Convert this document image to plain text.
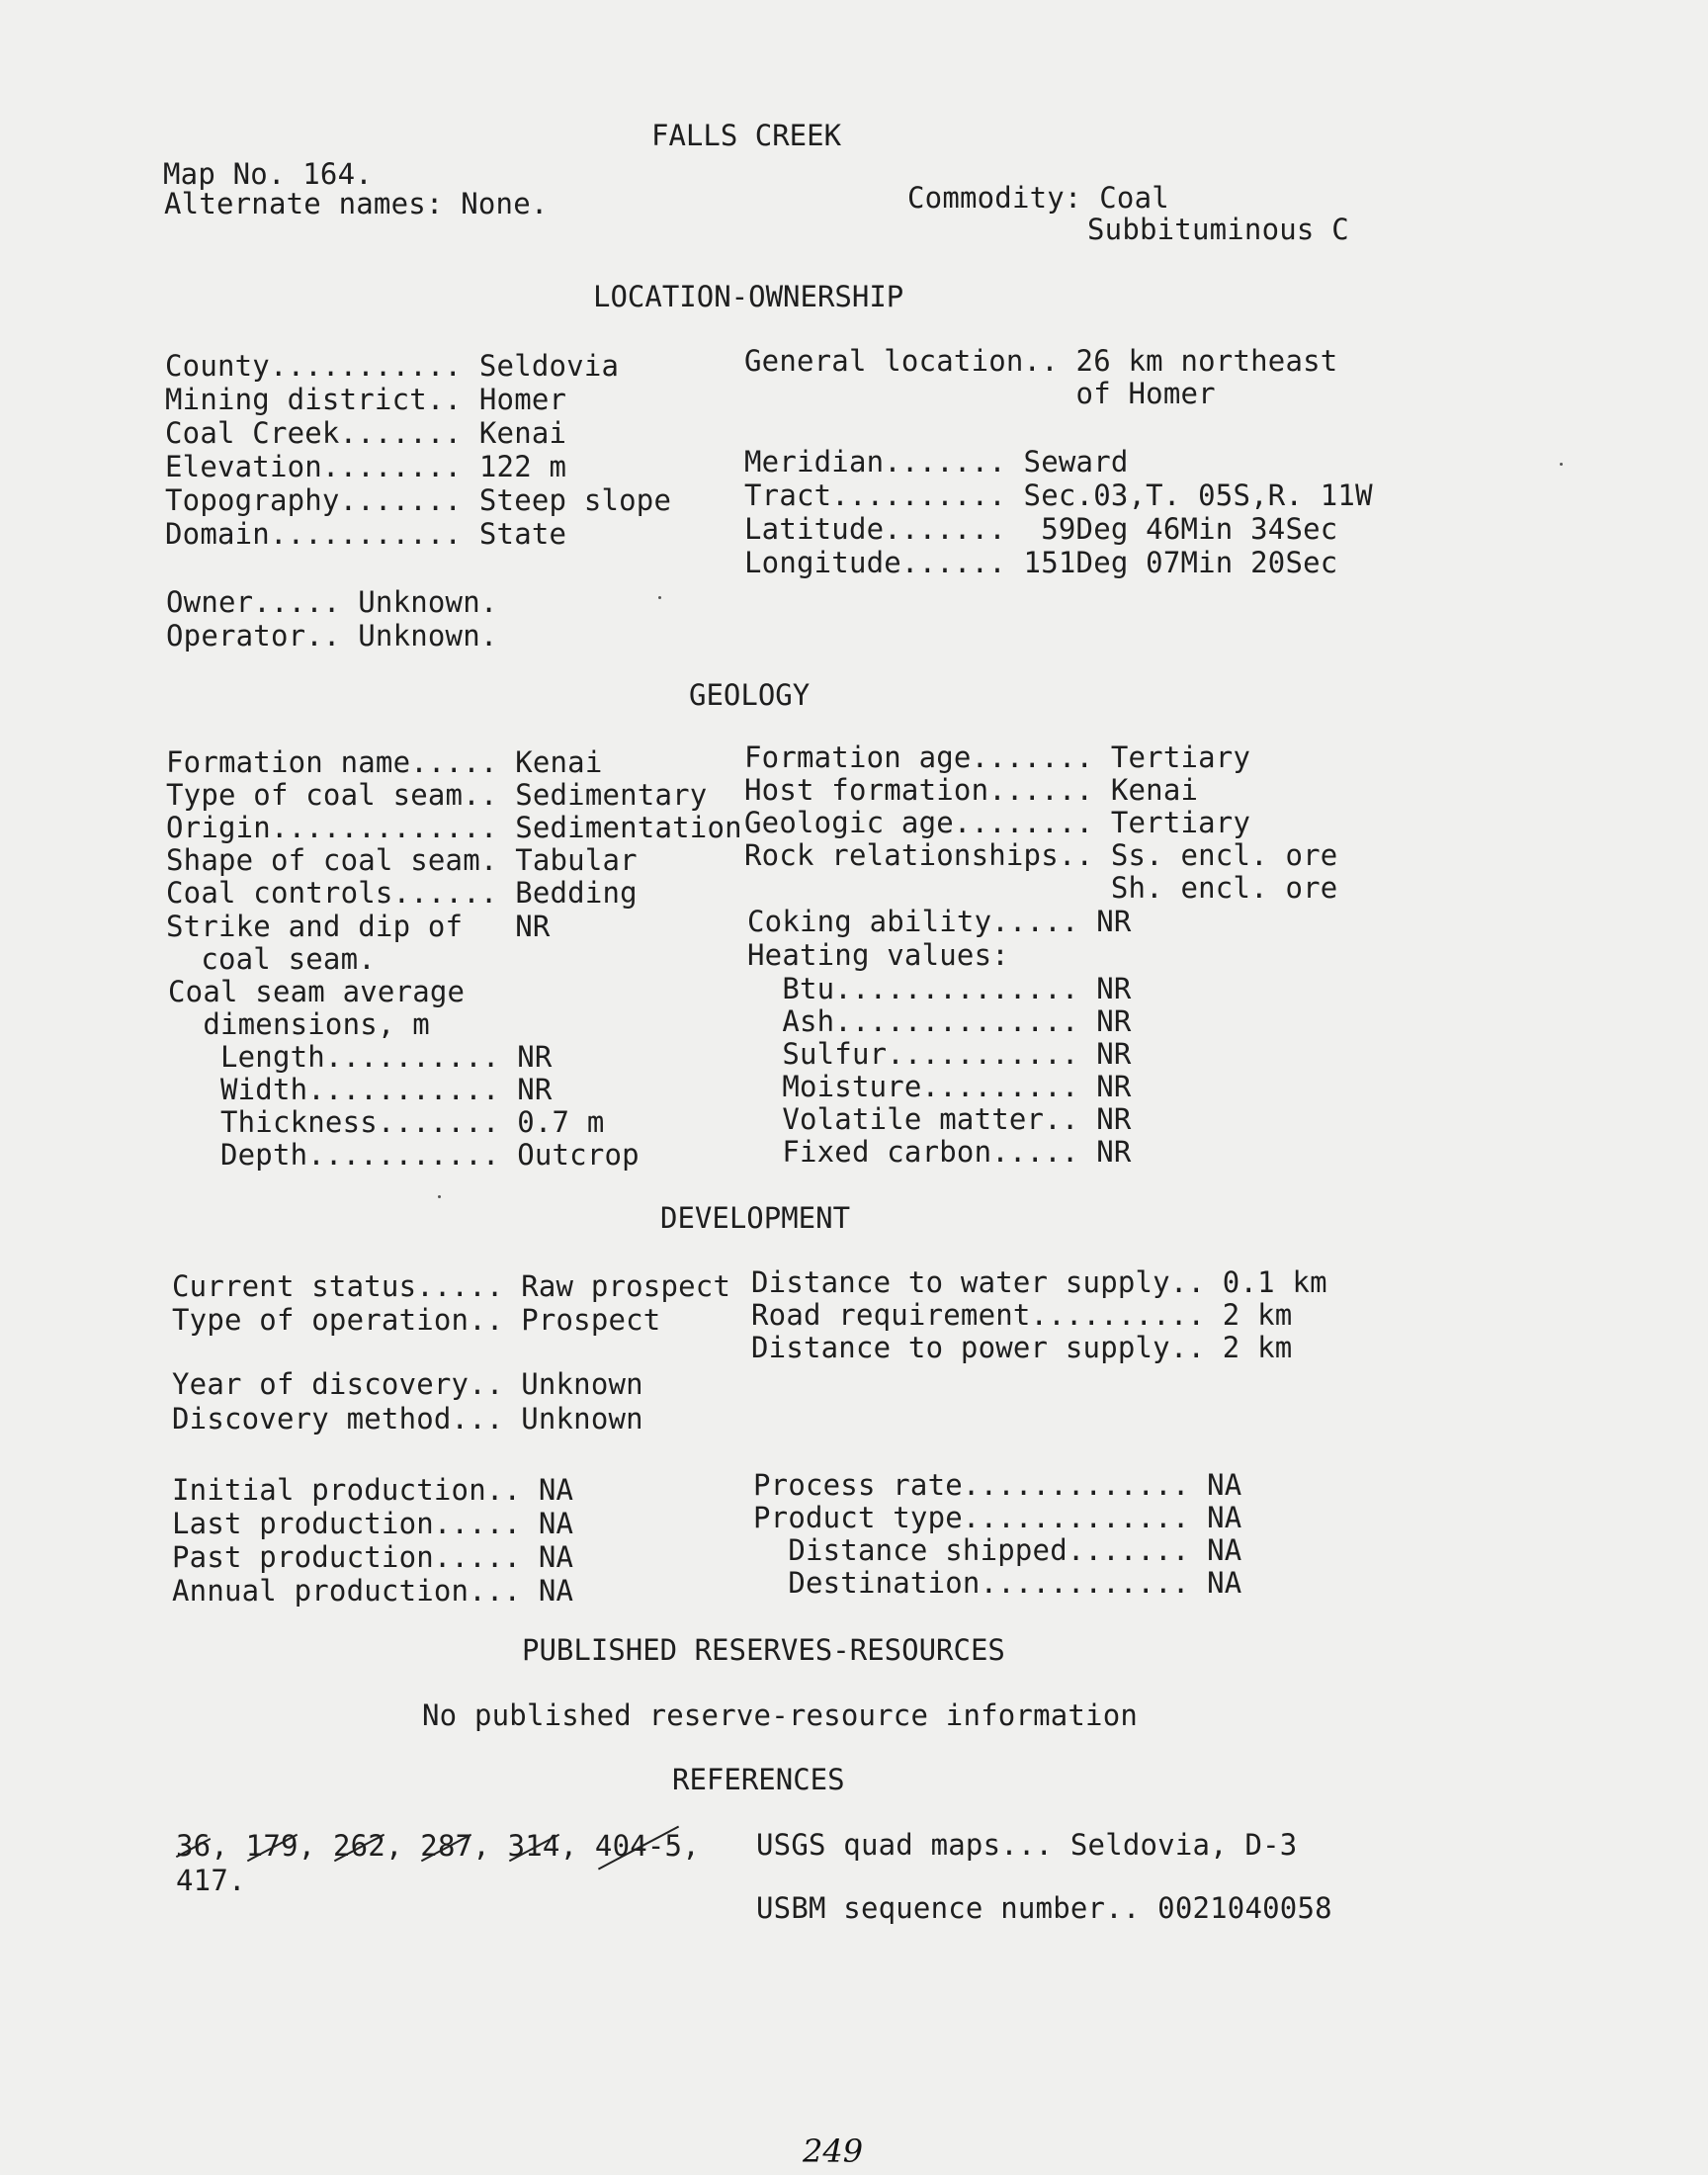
FALLS CREEK
Map No. 164.
Alternate names: None.	Commodity: Coal
Subbituminous C
LOCATION-OWNERSHIP
County........... Seldovia
Mining district.. Homer
Coal Creek....... Kenai
Elevation........ 122 m
Topography....... Steep slope
Domain........... State
General location.. 26 km northeast
of Homer
Meridian....... Seward
Tract.......... Sec.03,T. 05S,R. 11W
Latitude.......  59Deg 46Min 34Sec
Longitude...... 151Deg 07Min 20Sec
Owner..... Unknown.
Operator.. Unknown.
GEOLOGY
Formation name..... Kenai
Type of coal seam.. Sedimentary
Origin............. Sedimentation
Shape of coal seam. Tabular
Coal controls...... Bedding
Strike and dip of   NR
coal seam.
Coal seam average
dimensions, m
Length.......... NR
Width........... NR
Thickness....... 0.7 m
Depth........... Outcrop
Formation age....... Tertiary
Host formation...... Kenai
Geologic age........ Tertiary
Rock relationships.. Ss. encl. ore
Sh. encl. ore
Coking ability..... NR
Heating values:
Btu.............. NR
Ash.............. NR
Sulfur........... NR
Moisture......... NR
Volatile matter.. NR
Fixed carbon..... NR
DEVELOPMENT
Current status..... Raw prospect
Type of operation.. Prospect
Year of discovery.. Unknown
Discovery method... Unknown
Distance to water supply.. 0.1 km
Road requirement.......... 2 km
Distance to power supply.. 2 km
Initial production.. NA
Last production..... NA
Past production..... NA
Annual production... NA
Process rate............. NA
Product type............. NA
Distance shipped....... NA
Destination............ NA
PUBLISHED RESERVES-RESOURCES
No published reserve-resource information
REFERENCES
36, 179, 262, 287, 314, 404-5,
417.
USGS quad maps... Seldovia, D-3
USBM sequence number.. 0021040058
249
